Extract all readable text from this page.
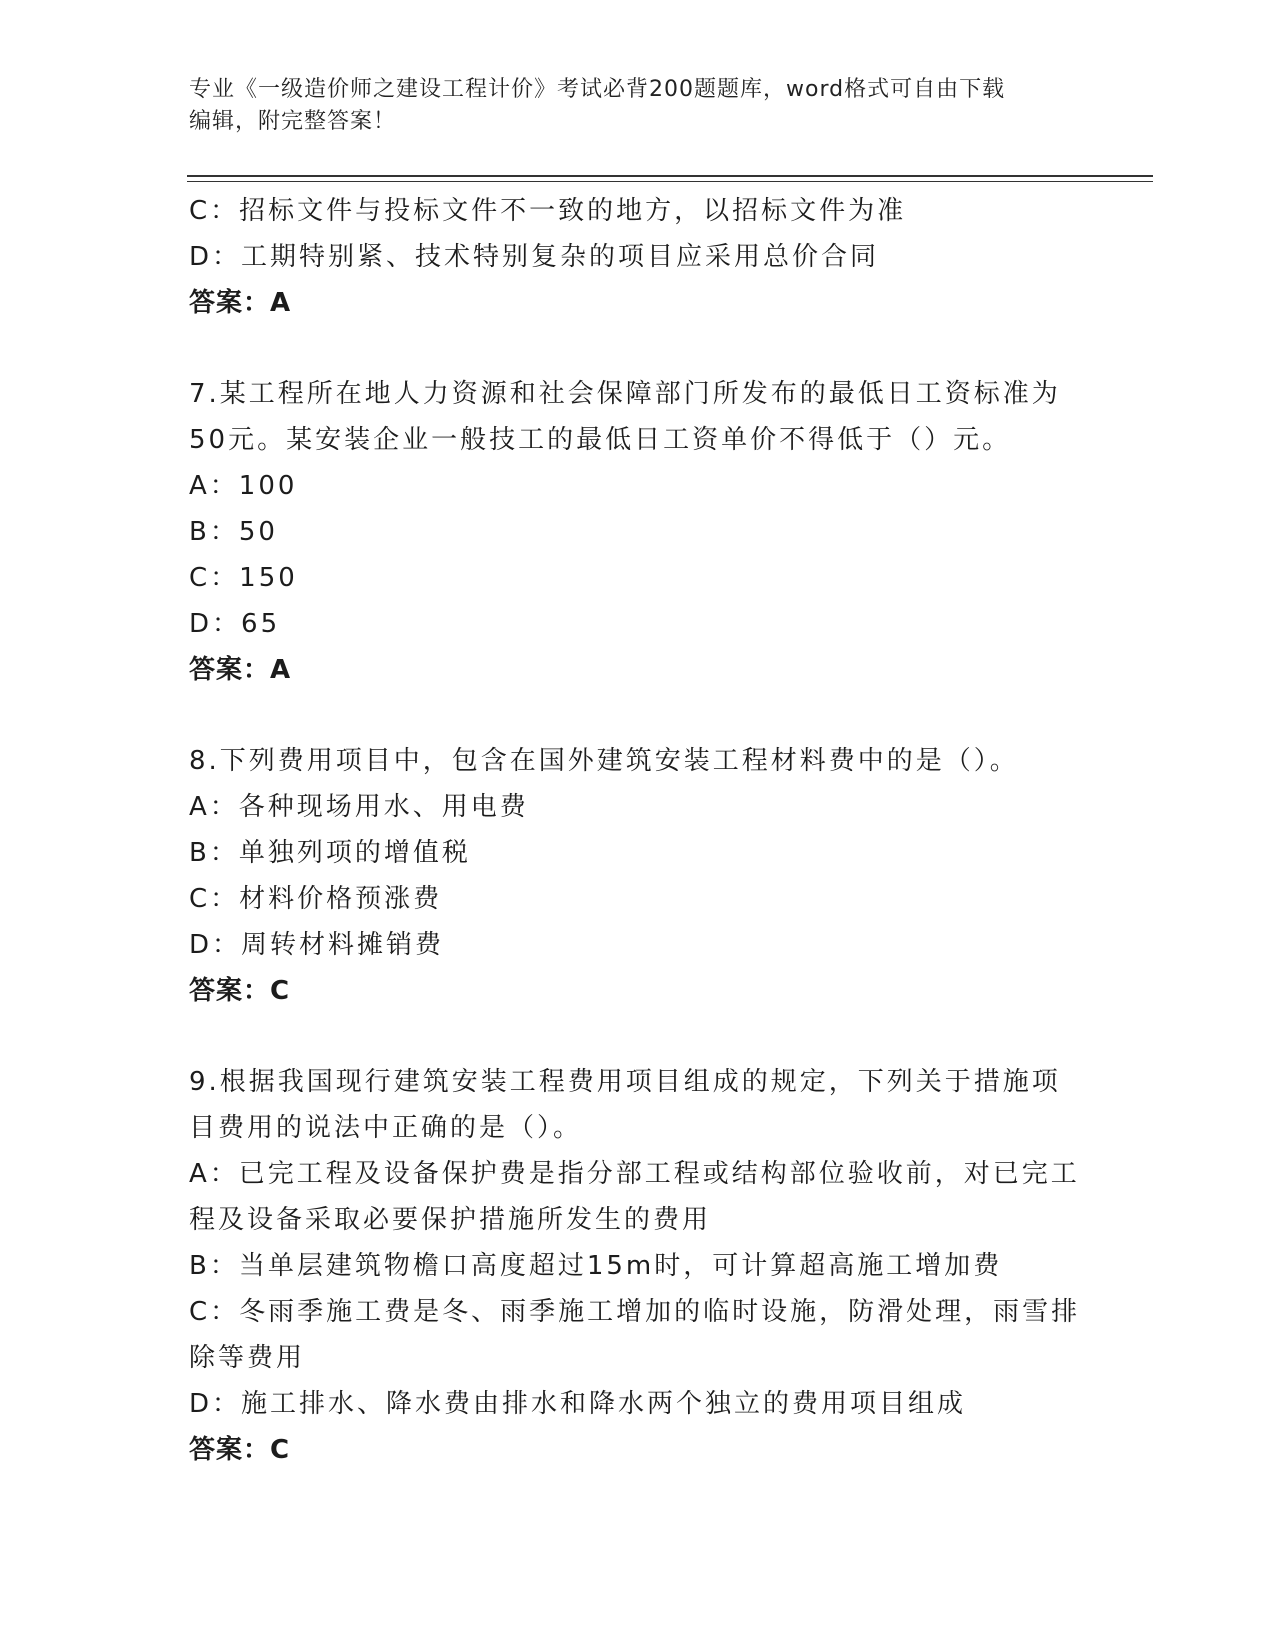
专业《一级造价师之建设工程计价》考试必背200题题库，word格式可自由下载
编辑，附完整答案！
C：招标文件与投标文件不一致的地方，以招标文件为准
D：工期特别紧、技术特别复杂的项目应采用总价合同
答案：A
7.某工程所在地人力资源和社会保障部门所发布的最低日工资标准为
50元。某安装企业一般技工的最低日工资单价不得低于（）元。
A：100
B：50
C：150
D：65
答案：A
8.下列费用项目中，包含在国外建筑安装工程材料费中的是（）。
A：各种现场用水、用电费
B：单独列项的增值税
C：材料价格预涨费
D：周转材料摊销费
答案：C
9.根据我国现行建筑安装工程费用项目组成的规定，下列关于措施项
目费用的说法中正确的是（）。
A：已完工程及设备保护费是指分部工程或结构部位验收前，对已完工
程及设备采取必要保护措施所发生的费用
B：当单层建筑物檐口高度超过15m时，可计算超高施工增加费
C：冬雨季施工费是冬、雨季施工增加的临时设施，防滑处理，雨雪排
除等费用
D：施工排水、降水费由排水和降水两个独立的费用项目组成
答案：C
